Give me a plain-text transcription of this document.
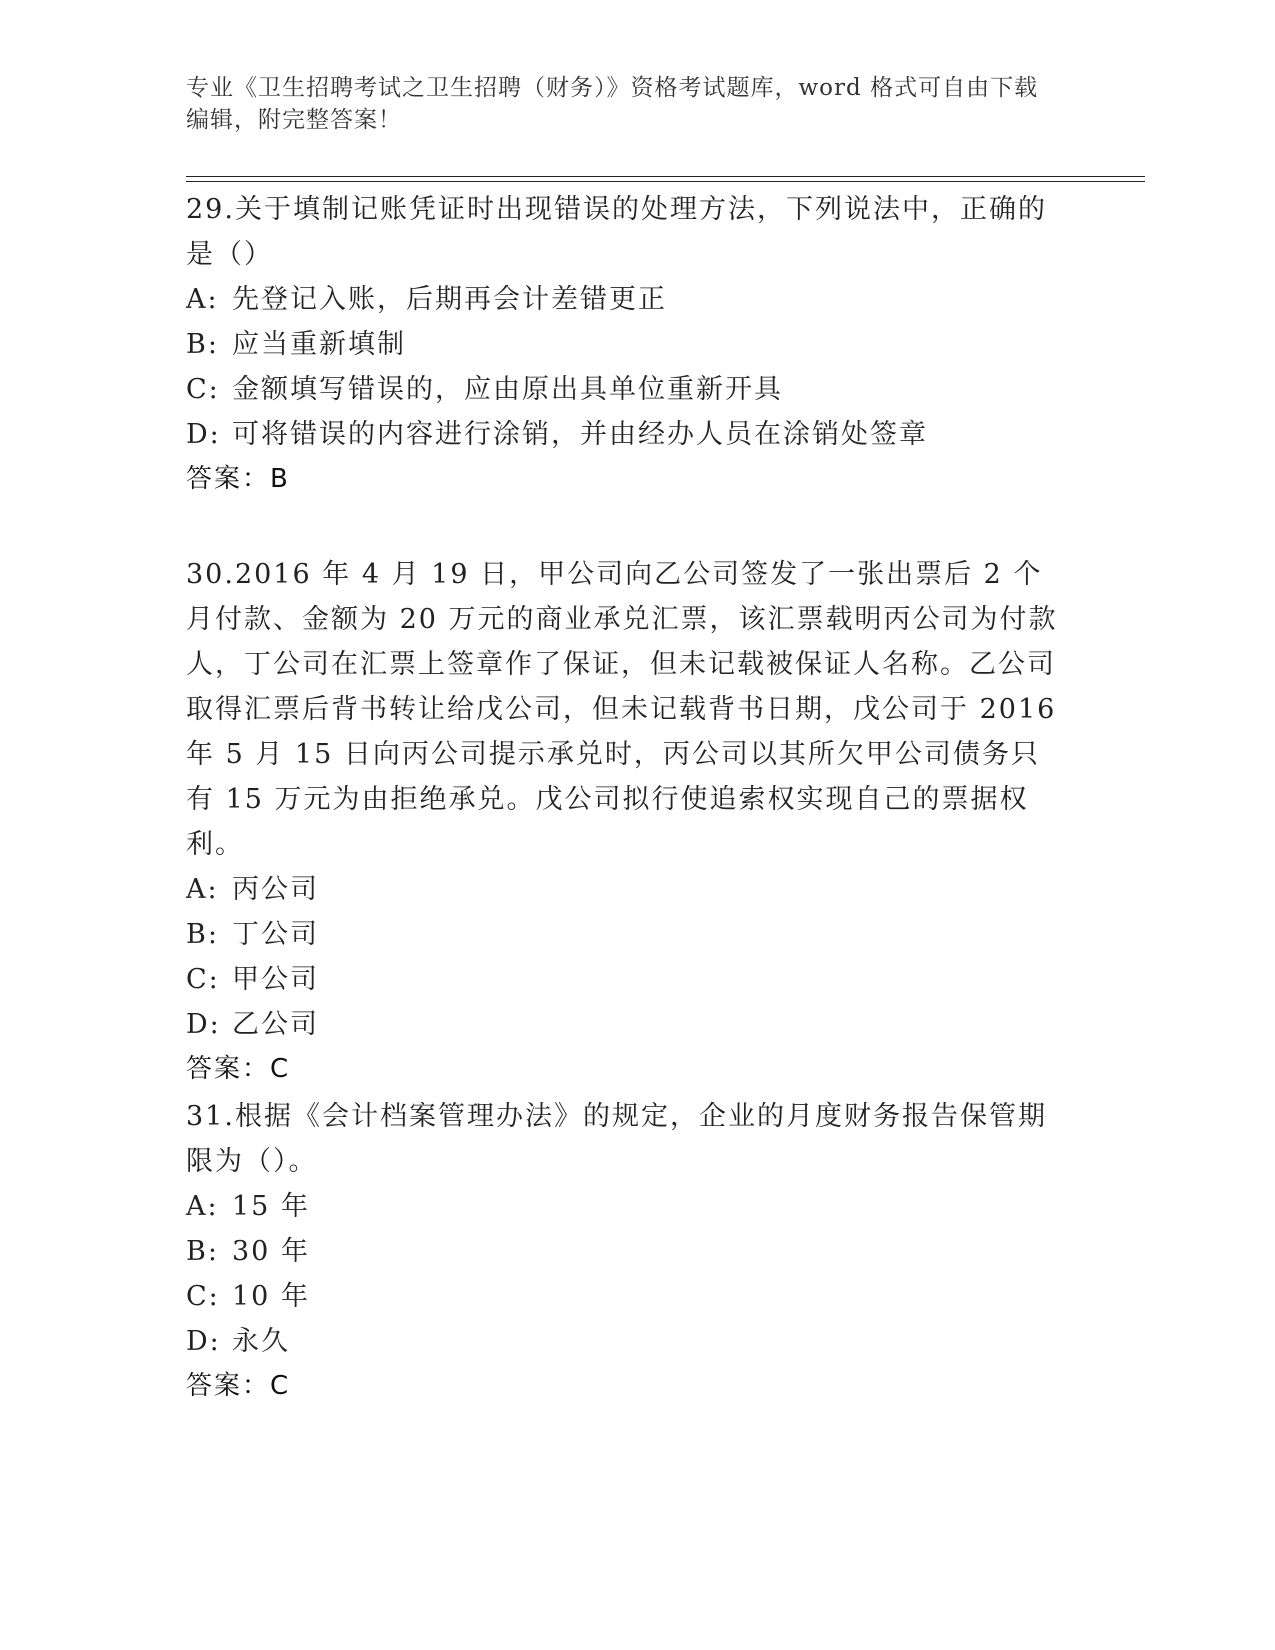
专业《卫生招聘考试之卫生招聘（财务）》资格考试题库，word 格式可自由下载
编辑，附完整答案！

29.关于填制记账凭证时出现错误的处理方法，下列说法中，正确的是（）

A: 先登记入账，后期再会计差错更正
B: 应当重新填制
C: 金额填写错误的，应由原出具单位重新开具
D: 可将错误的内容进行涂销，并由经办人员在涂销处签章
答案：B

30.2016 年 4 月 19 日，甲公司向乙公司签发了一张出票后 2 个月付款、金额为 20 万元的商业承兑汇票，该汇票载明丙公司为付款人，丁公司在汇票上签章作了保证，但未记载被保证人名称。乙公司取得汇票后背书转让给戊公司，但未记载背书日期，戊公司于 2016 年 5 月 15 日向丙公司提示承兑时，丙公司以其所欠甲公司债务只有 15 万元为由拒绝承兑。戊公司拟行使追索权实现自己的票据权利。

A: 丙公司
B: 丁公司
C: 甲公司
D: 乙公司
答案：C

31.根据《会计档案管理办法》的规定，企业的月度财务报告保管期限为（）。

A: 15 年
B: 30 年
C: 10 年
D: 永久
答案：C
